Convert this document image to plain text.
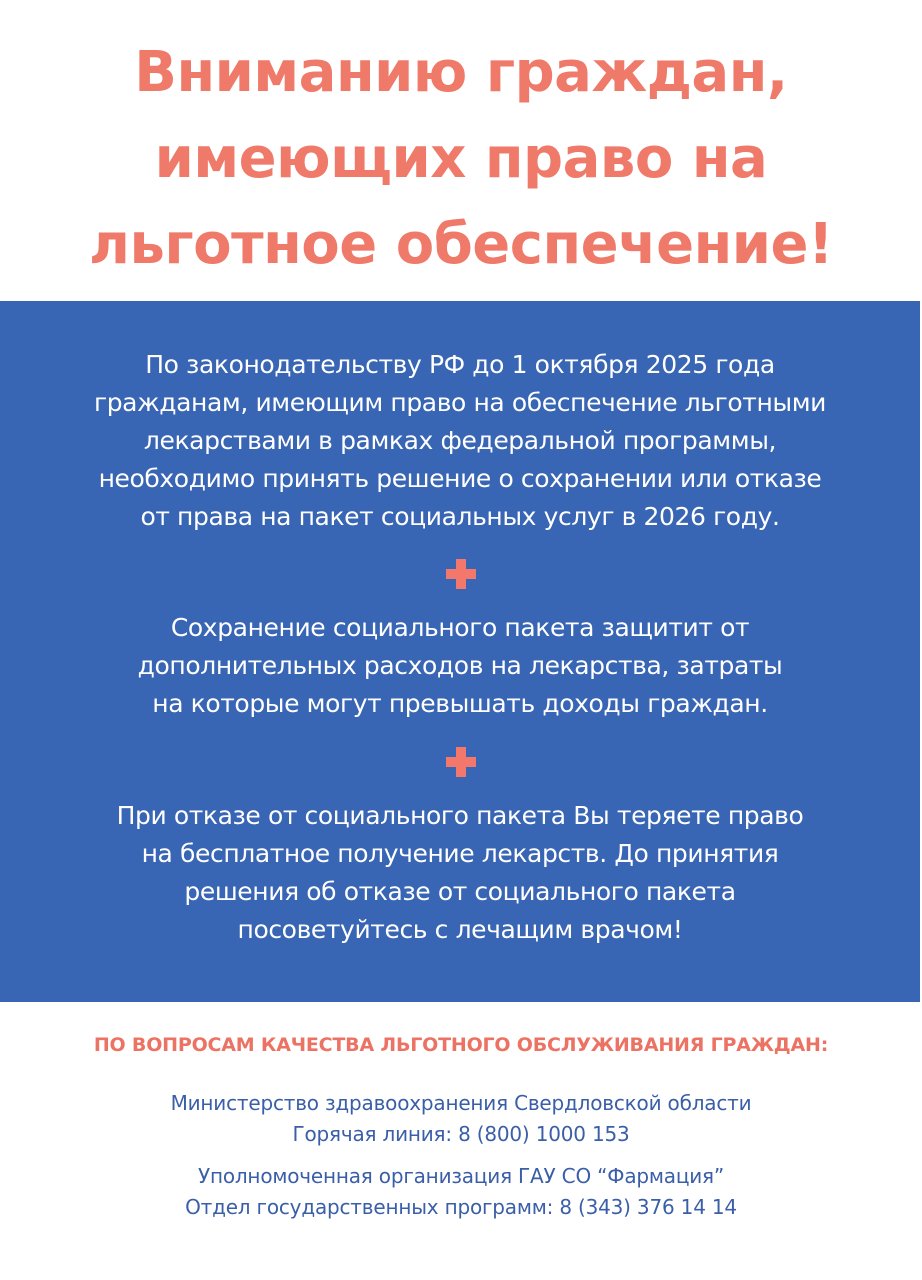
Вниманию граждан,
имеющих право на
льготное обеспечение!
По законодательству РФ до 1 октября 2025 года
гражданам, имеющим право на обеспечение льготными
лекарствами в рамках федеральной программы,
необходимо принять решение о сохранении или отказе
от права на пакет социальных услуг в 2026 году.
Сохранение социального пакета защитит от
дополнительных расходов на лекарства, затраты
на которые могут превышать доходы граждан.
При отказе от социального пакета Вы теряете право
на бесплатное получение лекарств. До принятия
решения об отказе от социального пакета
посоветуйтесь с лечащим врачом!
ПО ВОПРОСАМ КАЧЕСТВА ЛЬГОТНОГО ОБСЛУЖИВАНИЯ ГРАЖДАН:
Министерство здравоохранения Свердловской области
Горячая линия: 8 (800) 1000 153
Уполномоченная организация ГАУ СО “Фармация”
Отдел государственных программ: 8 (343) 376 14 14
